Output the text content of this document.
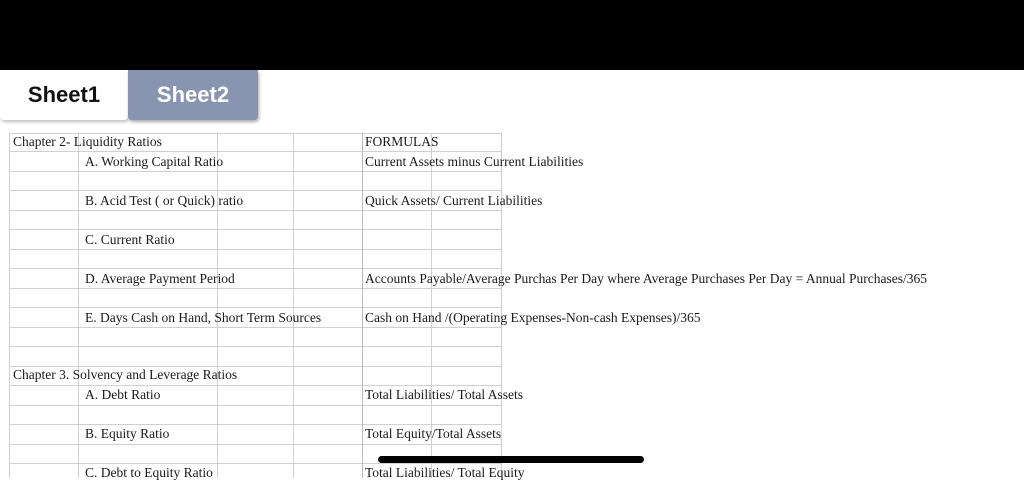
Sheet1	Sheet2
Chapter 2- Liquidity Ratios	FORMULAS
A. Working Capital Ratio	Current Assets minus Current Liabilities
B. Acid Test ( or Quick) ratio	Quick Assets/ Current Liabilities
C. Current Ratio
D. Average Payment Period	Accounts Payable/Average Purchas Per Day where Average Purchases Per Day = Annual Purchases/365
E. Days Cash on Hand, Short Term Sources	Cash on Hand /(Operating Expenses-Non-cash Expenses)/365
Chapter 3. Solvency and Leverage Ratios
A. Debt Ratio	Total Liabilities/ Total Assets
B. Equity Ratio	Total Equity/Total Assets
C. Debt to Equity Ratio	Total Liabilities/ Total Equity
